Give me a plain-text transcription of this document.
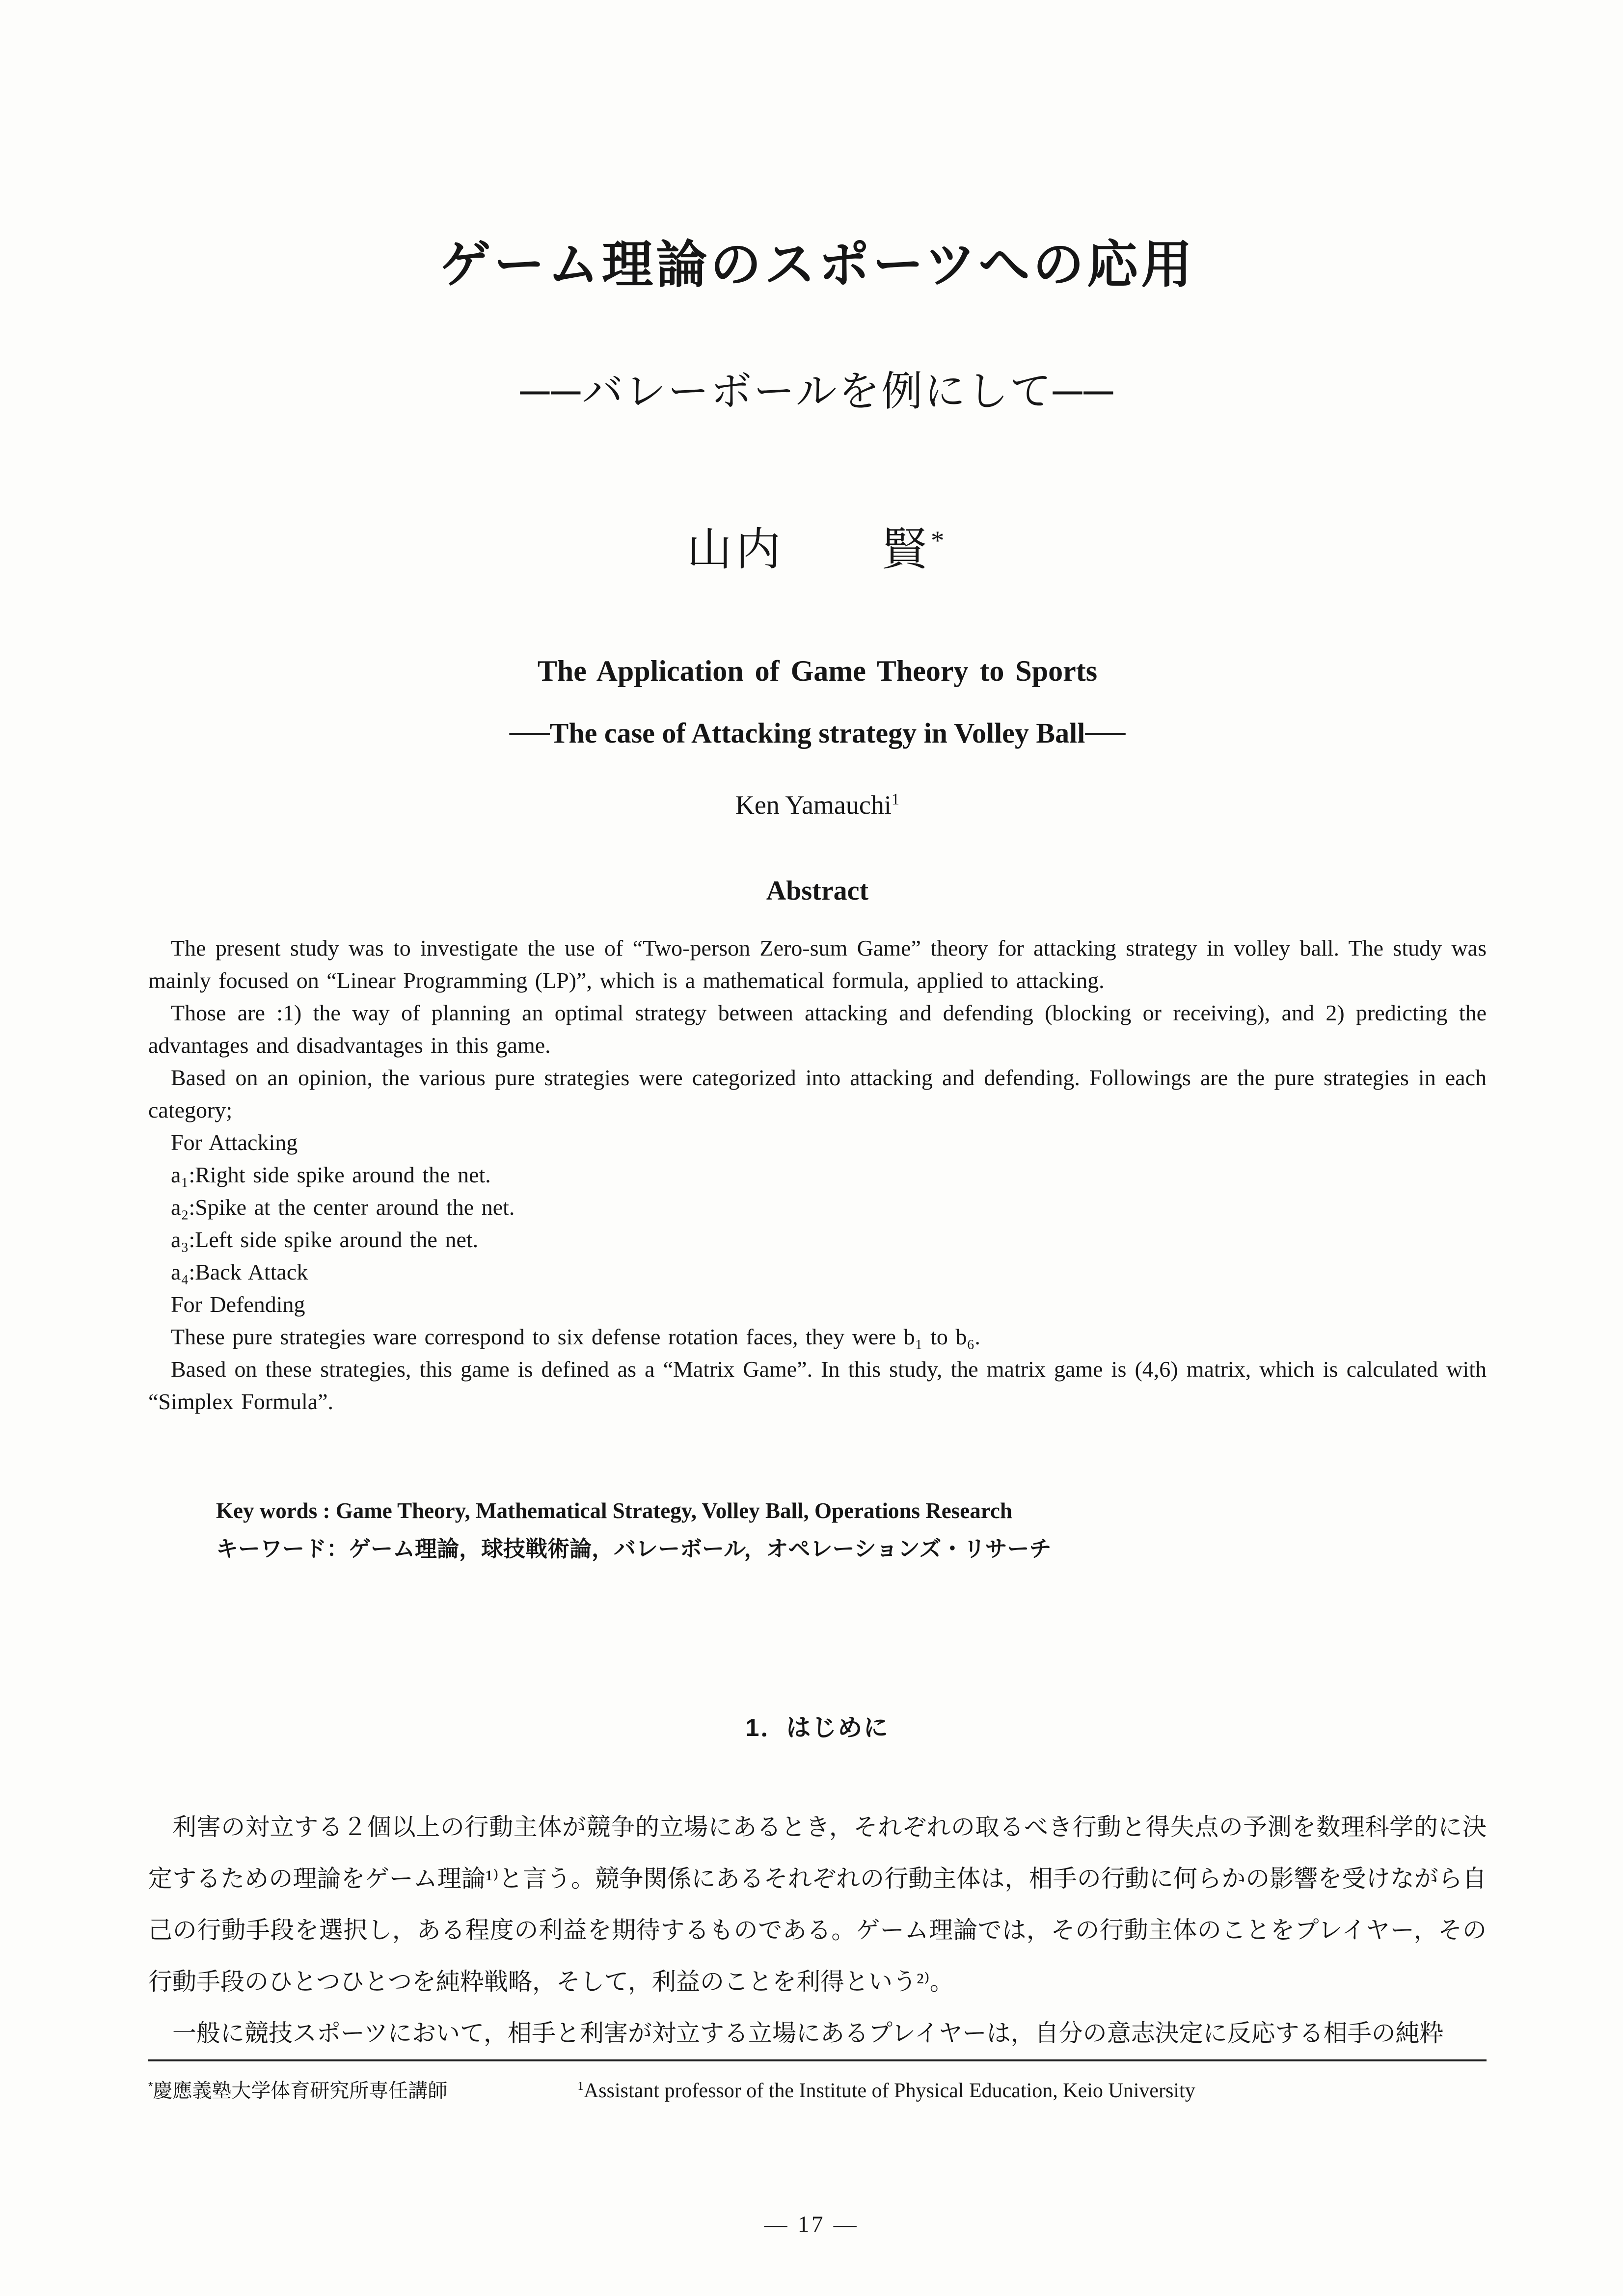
ゲーム理論のスポーツへの応用
──バレーボールを例にして──
山内　　賢*
The Application of Game Theory to Sports
──The case of Attacking strategy in Volley Ball──
Ken Yamauchi$^1$
Abstract

The present study was to investigate the use of “Two-person Zero-sum Game” theory for attacking strategy in volley ball. The study was mainly focused on “Linear Programming (LP)”, which is a mathematical formula, applied to attacking.

Those are :1) the way of planning an optimal strategy between attacking and defending (blocking or receiving), and 2) predicting the advantages and disadvantages in this game.

Based on an opinion, the various pure strategies were categorized into attacking and defending. Followings are the pure strategies in each category;

For Attacking

a₁:Right side spike around the net.

a₂:Spike at the center around the net.

a₃:Left side spike around the net.

a₄:Back Attack

For Defending

These pure strategies ware correspond to six defense rotation faces, they were b₁ to b₆.

Based on these strategies, this game is defined as a “Matrix Game”. In this study, the matrix game is (4,6) matrix, which is calculated with “Simplex Formula”.

Key words : Game Theory, Mathematical Strategy, Volley Ball, Operations Research
キーワード：ゲーム理論，球技戦術論，バレーボール，オペレーションズ・リサーチ
1．はじめに

利害の対立する２個以上の行動主体が競争的立場にあるとき，それぞれの取るべき行動と得失点の予測を数理科学的に決定するための理論をゲーム理論¹⁾と言う。競争関係にあるそれぞれの行動主体は，相手の行動に何らかの影響を受けながら自己の行動手段を選択し，ある程度の利益を期待するものである。ゲーム理論では，その行動主体のことをプレイヤー，その行動手段のひとつひとつを純粋戦略，そして，利益のことを利得という²⁾。

一般に競技スポーツにおいて，相手と利害が対立する立場にあるプレイヤーは，自分の意志決定に反応する相手の純粋

*慶應義塾大学体育研究所専任講師	$^1$Assistant professor of the Institute of Physical Education, Keio University
— 17 —
